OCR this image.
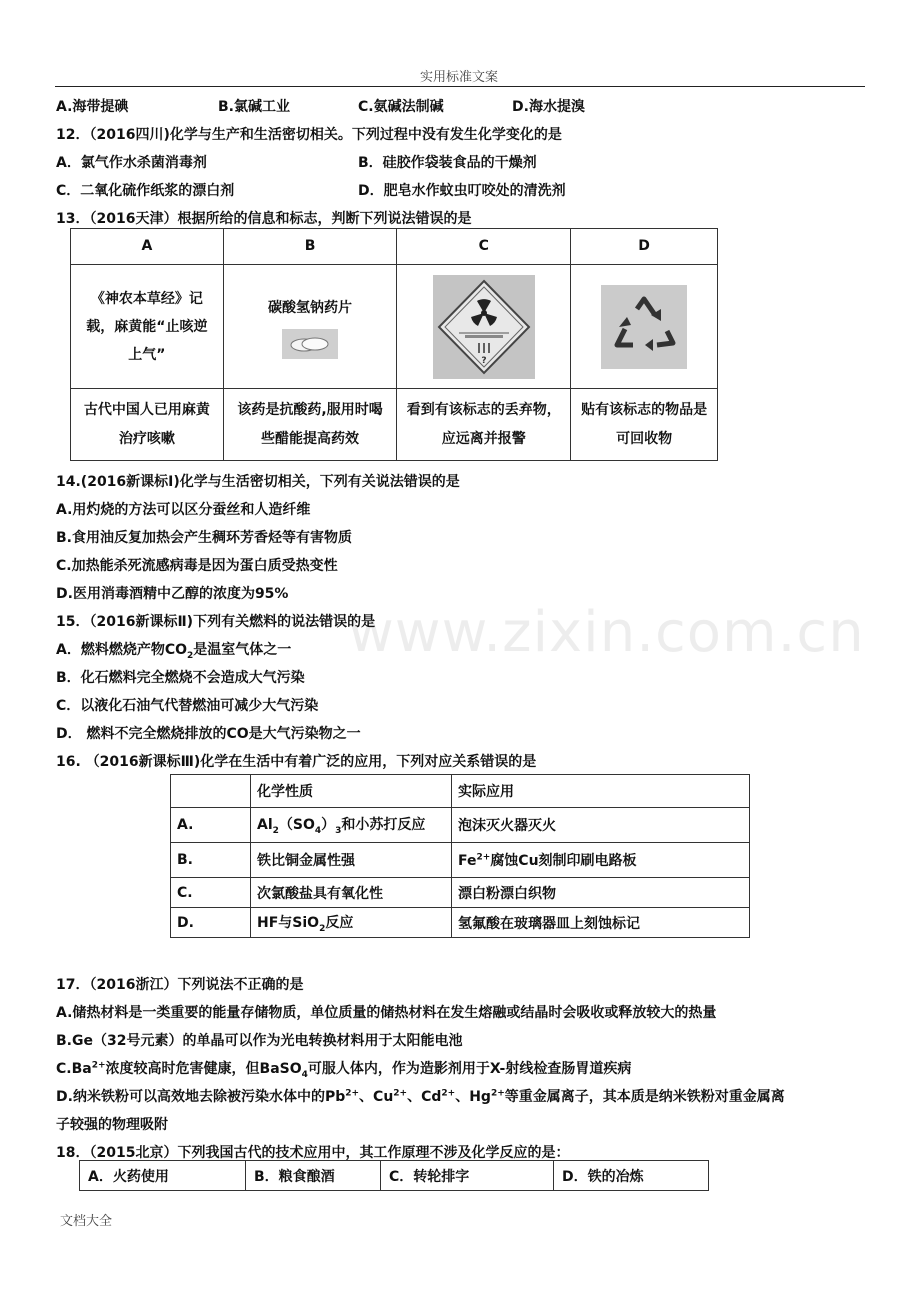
实用标准文案
www.zixin.com.cn
A.海带提碘	B.氯碱工业	C.氨碱法制碱	D.海水提溴
12．（2016四川)化学与生产和生活密切相关。下列过程中没有发生化学变化的是
A．氯气作水杀菌消毒剂	B．硅胶作袋装食品的干燥剂
C．二氧化硫作纸浆的漂白剂	D．肥皂水作蚊虫叮咬处的清洗剂
13．（2016天津）根据所给的信息和标志，判断下列说法错误的是
A	B	C	D

《神农本草经》记载，麻黄能“止咳逆上气”	碳酸氢钠药片	?

古代中国人已用麻黄治疗咳嗽	该药是抗酸药,服用时喝些醋能提高药效	看到有该标志的丢弃物，应远离并报警	贴有该标志的物品是可回收物
14.(2016新课标Ⅰ)化学与生活密切相关，下列有关说法错误的是
A.用灼烧的方法可以区分蚕丝和人造纤维
B.食用油反复加热会产生稠环芳香烃等有害物质
C.加热能杀死流感病毒是因为蛋白质受热变性
D.医用消毒酒精中乙醇的浓度为95%
15．（2016新课标Ⅱ)下列有关燃料的说法错误的是
A．燃料燃烧产物$CO_2$是温室气体之一
B．化石燃料完全燃烧不会造成大气污染
C．以液化石油气代替燃油可减少大气污染
D． 燃料不完全燃烧排放的CO是大气污染物之一
16. （2016新课标Ⅲ)化学在生活中有着广泛的应用，下列对应关系错误的是
	化学性质	实际应用
A.	$Al_2(SO_4)_3$和小苏打反应	泡沫灭火器灭火
B.	铁比铜金属性强	$Fe^{2+}$腐蚀Cu刻制印刷电路板
C.	次氯酸盐具有氧化性	漂白粉漂白织物
D.	HF与SiO$_2$反应	氢氟酸在玻璃器皿上刻蚀标记
17．（2016浙江）下列说法不正确的是
A.储热材料是一类重要的能量存储物质，单位质量的储热材料在发生熔融或结晶时会吸收或释放较大的热量
B.Ge（32号元素）的单晶可以作为光电转换材料用于太阳能电池
$C.Ba^{2+}$浓度较高时危害健康，但BaSO$_4$可服人体内，作为造影剂用于X-射线检查肠胃道疾病
D.纳米铁粉可以高效地去除被污染水体中的$Pb^{2+}$、$Cu^{2+}$、$Cd^{2+}$、$Hg^{2+}$等重金属离子，其本质是纳米铁粉对重金属离
子较强的物理吸附
18．（2015北京）下列我国古代的技术应用中，其工作原理不涉及化学反应的是：
A．火药使用	B．粮食酿酒	C．转轮排字	D．铁的冶炼
文档大全
